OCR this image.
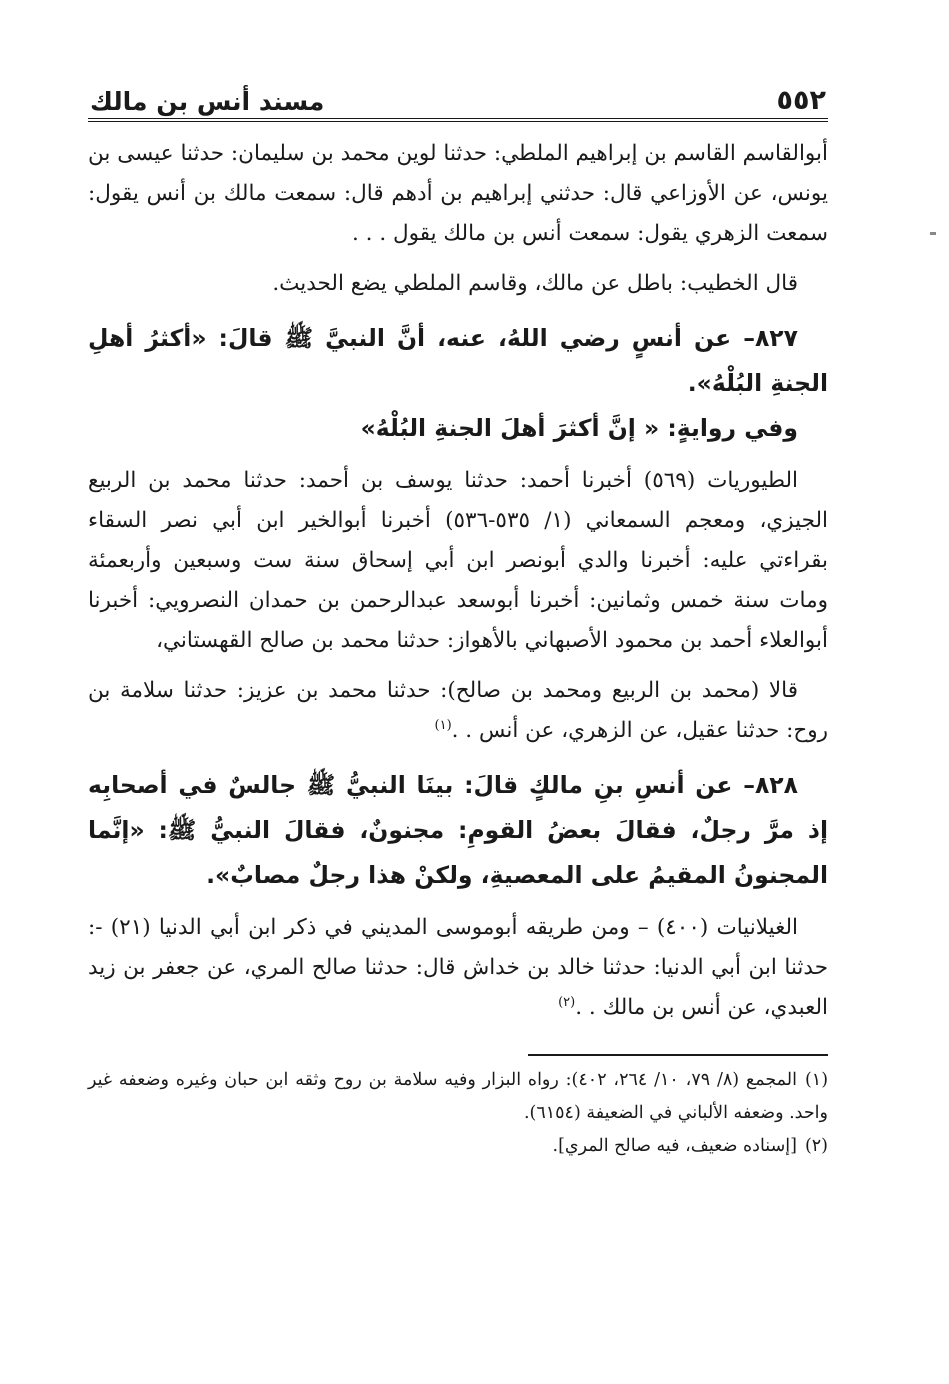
٥٥٢
مسند أنس بن مالك

أبوالقاسم القاسم بن إبراهيم الملطي: حدثنا لوين محمد بن سليمان: حدثنا عيسى بن يونس، عن الأوزاعي قال: حدثني إبراهيم بن أدهم قال: سمعت مالك بن أنس يقول: سمعت الزهري يقول: سمعت أنس بن مالك يقول . . .

قال الخطيب: باطل عن مالك، وقاسم الملطي يضع الحديث.

٨٢٧– عن أنسٍ رضي اللهُ، عنه، أنَّ النبيَّ ﷺ قالَ: «أكثرُ أهلِ الجنةِ البُلْهُ».

وفي روايةٍ: « إنَّ أكثرَ أهلَ الجنةِ البُلْهُ»

الطيوريات (٥٦٩) أخبرنا أحمد: حدثنا يوسف بن أحمد: حدثنا محمد بن الربيع الجيزي، ومعجم السمعاني (١/ ٥٣٥-٥٣٦) أخبرنا أبوالخير ابن أبي نصر السقاء بقراءتي عليه: أخبرنا والدي أبونصر ابن أبي إسحاق سنة ست وسبعين وأربعمئة ومات سنة خمس وثمانين: أخبرنا أبوسعد عبدالرحمن بن حمدان النصرويي: أخبرنا أبوالعلاء أحمد بن محمود الأصبهاني بالأهواز: حدثنا محمد بن صالح القهستاني،

قالا (محمد بن الربيع ومحمد بن صالح): حدثنا محمد بن عزيز: حدثنا سلامة بن روح: حدثنا عقيل، عن الزهري، عن أنس . .$^{(١)}$

٨٢٨– عن أنسِ بنِ مالكٍ قالَ: بينَا النبيُّ ﷺ جالسٌ في أصحابِه إذ مرَّ رجلٌ، فقالَ بعضُ القومِ: مجنونٌ، فقالَ النبيُّ ﷺ: «إنَّما المجنونُ المقيمُ على المعصيةِ، ولكنْ هذا رجلٌ مصابٌ».

الغيلانيات (٤٠٠) – ومن طريقه أبوموسى المديني في ذكر ابن أبي الدنيا (٢١) -: حدثنا ابن أبي الدنيا: حدثنا خالد بن خداش قال: حدثنا صالح المري، عن جعفر بن زيد العبدي، عن أنس بن مالك . .$^{(٢)}$

(١)المجمع (٨/ ٧٩، ١٠/ ٢٦٤، ٤٠٢): رواه البزار وفيه سلامة بن روح وثقه ابن حبان وغيره وضعفه غير واحد. وضعفه الألباني في الضعيفة (٦١٥٤).

(٢)[إسناده ضعيف، فيه صالح المري].
